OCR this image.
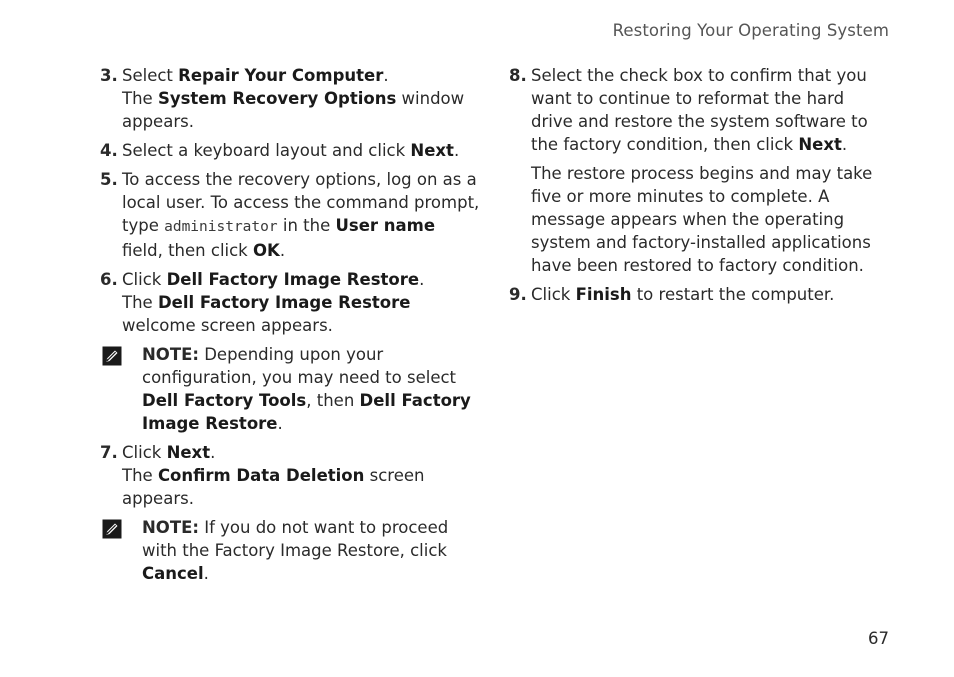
Restoring Your Operating System
3. Select Repair Your Computer.
The System Recovery Options window appears.

4. Select a keyboard layout and click Next.

5. To access the recovery options, log on as a local user. To access the command prompt, type administrator in the User name field, then click OK.

6. Click Dell Factory Image Restore.
The Dell Factory Image Restore welcome screen appears.

NOTE: Depending upon your configuration, you may need to select Dell Factory Tools, then Dell Factory Image Restore.

7. Click Next.
The Confirm Data Deletion screen appears.

NOTE: If you do not want to proceed with the Factory Image Restore, click Cancel.

8. Select the check box to confirm that you want to continue to reformat the hard drive and restore the system software to the factory condition, then click Next.

The restore process begins and may take five or more minutes to complete. A message appears when the operating system and factory-installed applications have been restored to factory condition.

9. Click Finish to restart the computer.

67
